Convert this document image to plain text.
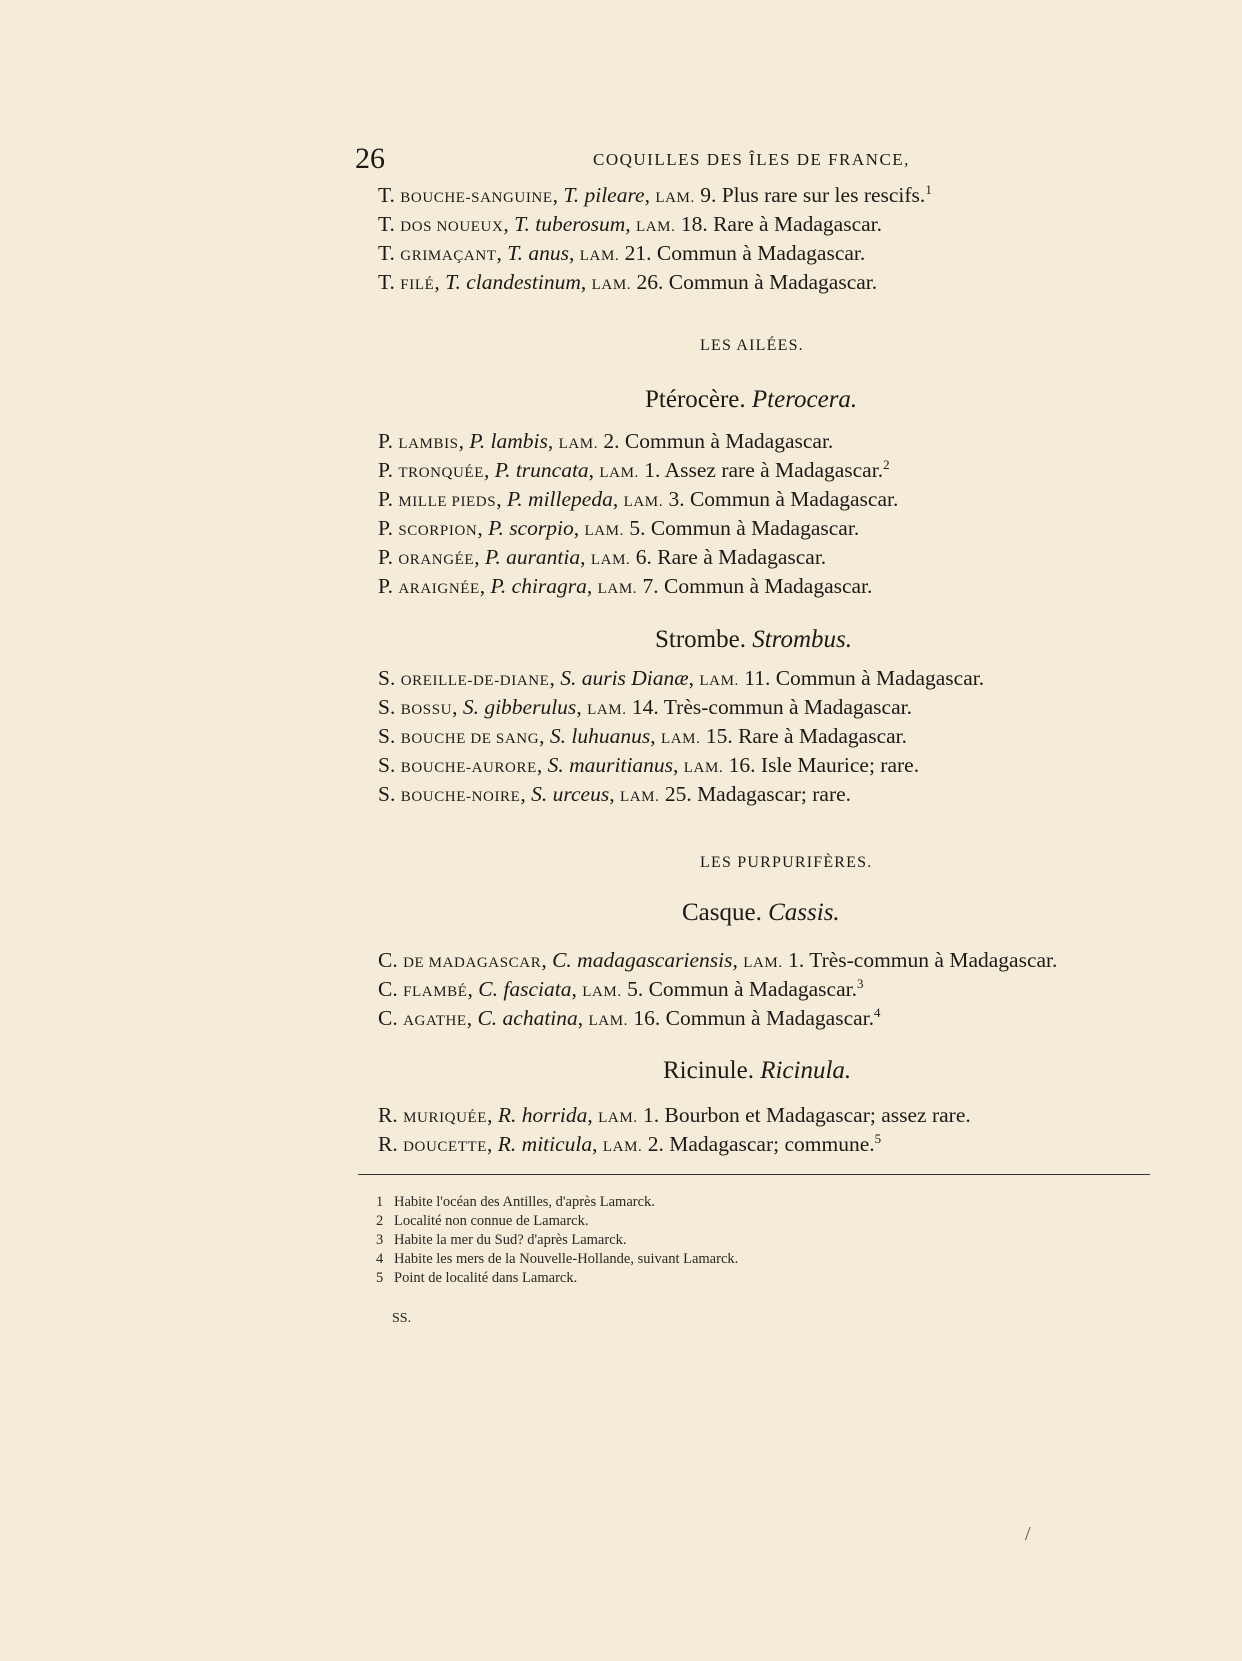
26	COQUILLES DES ÎLES DE FRANCE,
T. BOUCHE-SANGUINE, T. pileare, LAM. 9. Plus rare sur les rescifs.$^1$
T. DOS NOUEUX, T. tuberosum, LAM. 18. Rare à Madagascar.
T. GRIMAÇANT, T. anus, LAM. 21. Commun à Madagascar.
T. FILÉ, T. clandestinum, LAM. 26. Commun à Madagascar.
LES AILÉES.
Ptérocère. Pterocera.
P. LAMBIS, P. lambis, LAM. 2. Commun à Madagascar.
P. TRONQUÉE, P. truncata, LAM. 1. Assez rare à Madagascar.$^2$
P. MILLE PIEDS, P. millepeda, LAM. 3. Commun à Madagascar.
P. SCORPION, P. scorpio, LAM. 5. Commun à Madagascar.
P. ORANGÉE, P. aurantia, LAM. 6. Rare à Madagascar.
P. ARAIGNÉE, P. chiragra, LAM. 7. Commun à Madagascar.
Strombe. Strombus.
S. OREILLE-DE-DIANE, S. auris Dianæ, LAM. 11. Commun à Madagascar.
S. BOSSU, S. gibberulus, LAM. 14. Très-commun à Madagascar.
S. BOUCHE DE SANG, S. luhuanus, LAM. 15. Rare à Madagascar.
S. BOUCHE-AURORE, S. mauritianus, LAM. 16. Isle Maurice; rare.
S. BOUCHE-NOIRE, S. urceus, LAM. 25. Madagascar; rare.
LES PURPURIFÈRES.
Casque. Cassis.
C. DE MADAGASCAR, C. madagascariensis, LAM. 1. Très-commun à Madagascar.
C. FLAMBÉ, C. fasciata, LAM. 5. Commun à Madagascar.$^3$
C. AGATHE, C. achatina, LAM. 16. Commun à Madagascar.$^4$
Ricinule. Ricinula.
R. MURIQUÉE, R. horrida, LAM. 1. Bourbon et Madagascar; assez rare.
R. DOUCETTE, R. miticula, LAM. 2. Madagascar; commune.$^5$
1 Habite l'océan des Antilles, d'après Lamarck.
2 Localité non connue de Lamarck.
3 Habite la mer du Sud? d'après Lamarck.
4 Habite les mers de la Nouvelle-Hollande, suivant Lamarck.
5 Point de localité dans Lamarck.
SS.
/
